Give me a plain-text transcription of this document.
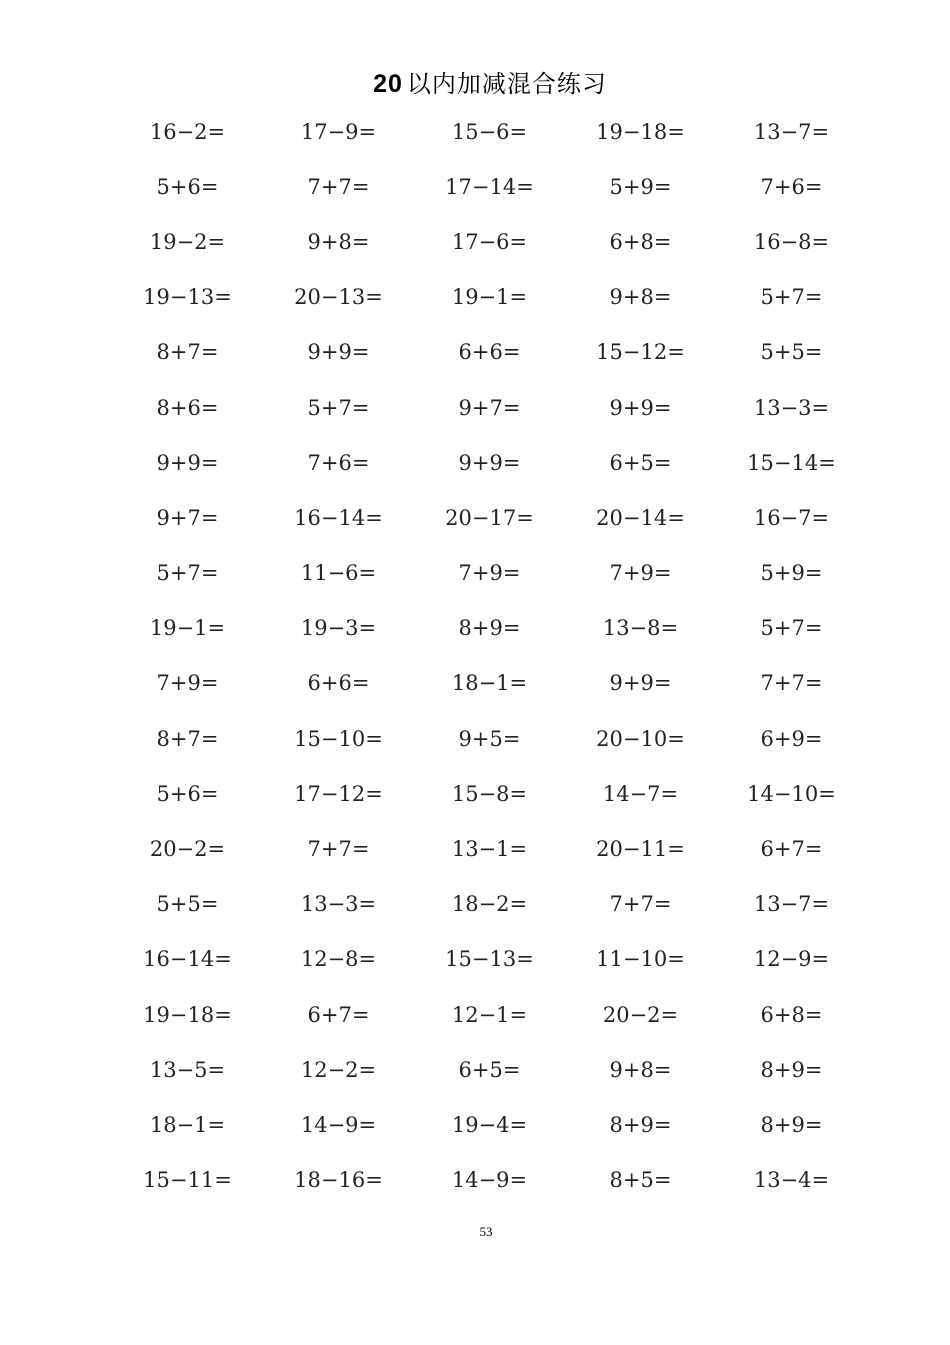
20 以内加减混合练习
16−2=	17−9=	15−6=	19−18=	13−7=
5+6=	7+7=	17−14=	5+9=	7+6=
19−2=	9+8=	17−6=	6+8=	16−8=
19−13=	20−13=	19−1=	9+8=	5+7=
8+7=	9+9=	6+6=	15−12=	5+5=
8+6=	5+7=	9+7=	9+9=	13−3=
9+9=	7+6=	9+9=	6+5=	15−14=
9+7=	16−14=	20−17=	20−14=	16−7=
5+7=	11−6=	7+9=	7+9=	5+9=
19−1=	19−3=	8+9=	13−8=	5+7=
7+9=	6+6=	18−1=	9+9=	7+7=
8+7=	15−10=	9+5=	20−10=	6+9=
5+6=	17−12=	15−8=	14−7=	14−10=
20−2=	7+7=	13−1=	20−11=	6+7=
5+5=	13−3=	18−2=	7+7=	13−7=
16−14=	12−8=	15−13=	11−10=	12−9=
19−18=	6+7=	12−1=	20−2=	6+8=
13−5=	12−2=	6+5=	9+8=	8+9=
18−1=	14−9=	19−4=	8+9=	8+9=
15−11=	18−16=	14−9=	8+5=	13−4=
53
